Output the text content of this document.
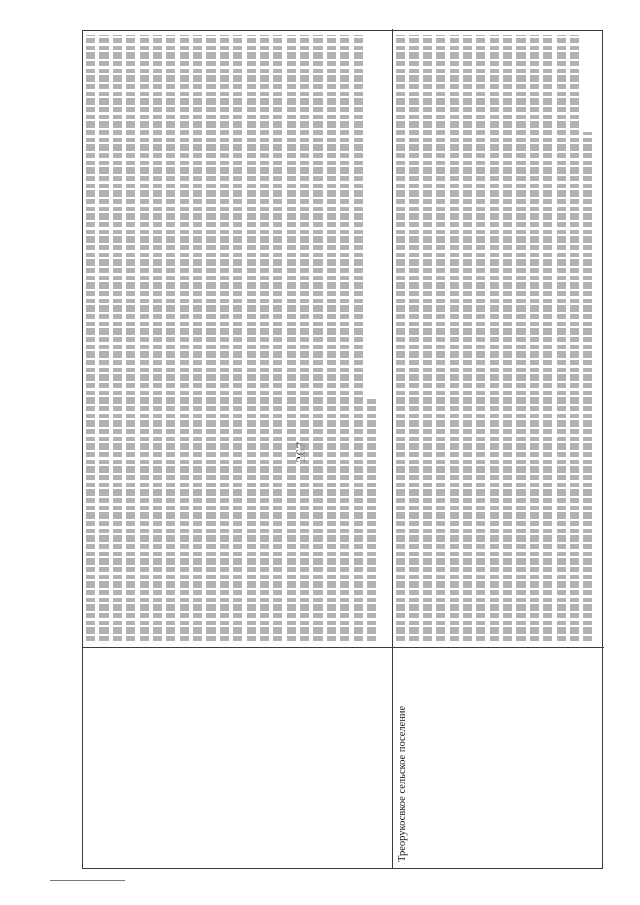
Треорукосвкое сельское поселение
